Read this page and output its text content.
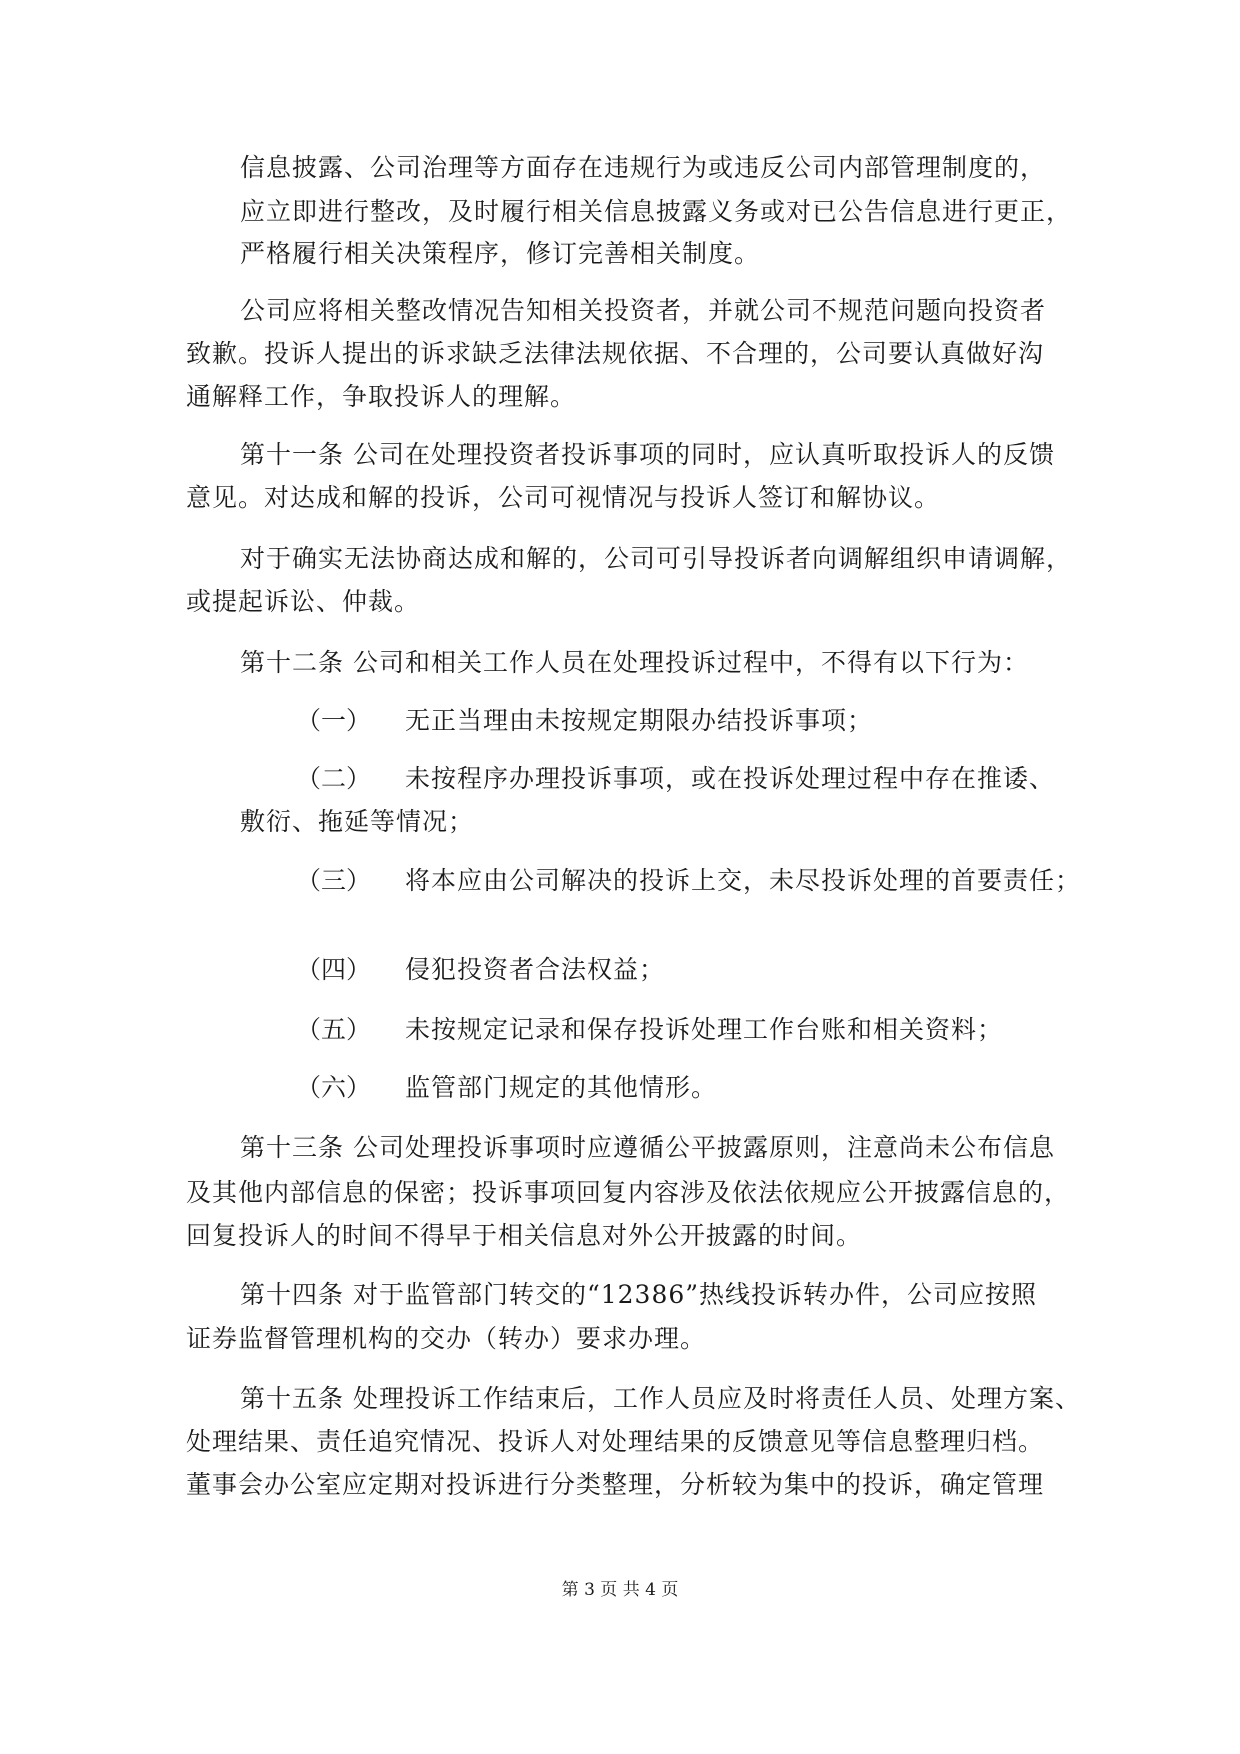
信息披露、公司治理等方面存在违规行为或违反公司内部管理制度的，
应立即进行整改，及时履行相关信息披露义务或对已公告信息进行更正，
严格履行相关决策程序，修订完善相关制度。
公司应将相关整改情况告知相关投资者，并就公司不规范问题向投资者
致歉。投诉人提出的诉求缺乏法律法规依据、不合理的，公司要认真做好沟
通解释工作，争取投诉人的理解。
第十一条 公司在处理投资者投诉事项的同时，应认真听取投诉人的反馈
意见。对达成和解的投诉，公司可视情况与投诉人签订和解协议。
对于确实无法协商达成和解的，公司可引导投诉者向调解组织申请调解，
或提起诉讼、仲裁。
第十二条 公司和相关工作人员在处理投诉过程中，不得有以下行为：
（一） 无正当理由未按规定期限办结投诉事项；
（二） 未按程序办理投诉事项，或在投诉处理过程中存在推诿、
敷衍、拖延等情况；
（三） 将本应由公司解决的投诉上交，未尽投诉处理的首要责任；
（四） 侵犯投资者合法权益；
（五） 未按规定记录和保存投诉处理工作台账和相关资料；
（六） 监管部门规定的其他情形。
第十三条 公司处理投诉事项时应遵循公平披露原则，注意尚未公布信息
及其他内部信息的保密；投诉事项回复内容涉及依法依规应公开披露信息的，
回复投诉人的时间不得早于相关信息对外公开披露的时间。
第十四条 对于监管部门转交的“12386”热线投诉转办件，公司应按照
证券监督管理机构的交办（转办）要求办理。
第十五条 处理投诉工作结束后，工作人员应及时将责任人员、处理方案、
处理结果、责任追究情况、投诉人对处理结果的反馈意见等信息整理归档。
董事会办公室应定期对投诉进行分类整理，分析较为集中的投诉，确定管理
第 3 页 共 4 页
